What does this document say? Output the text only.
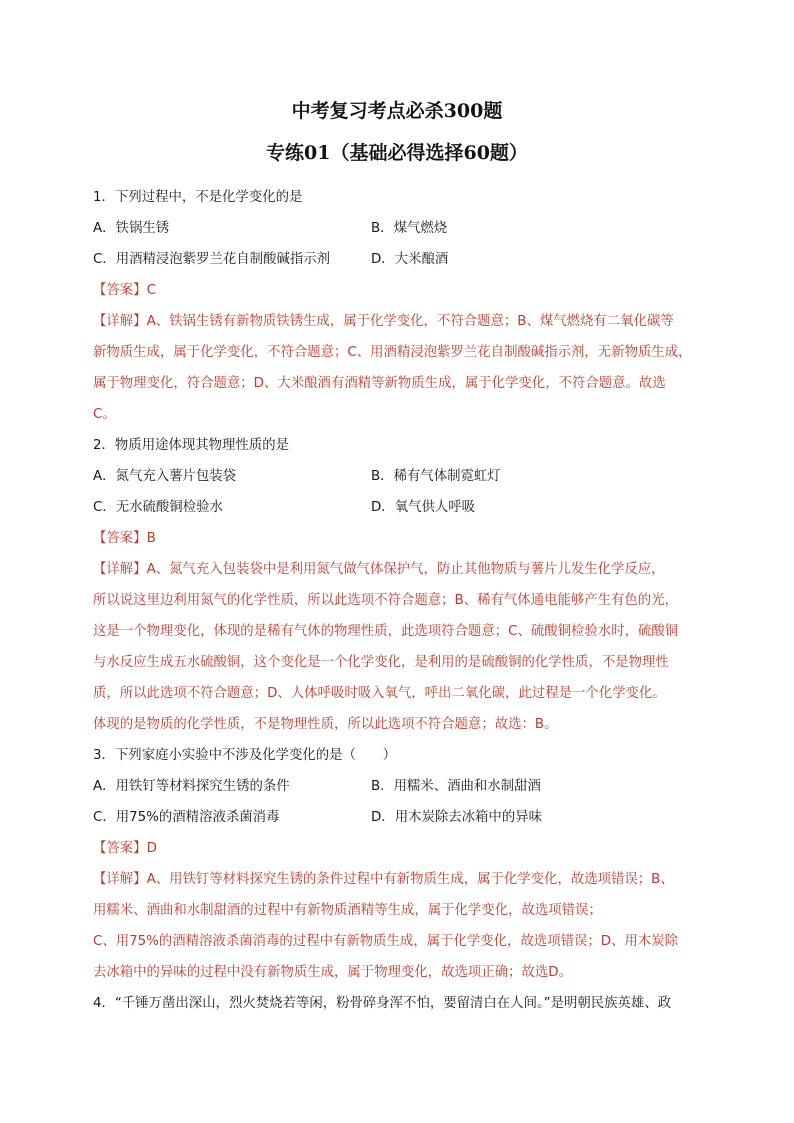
中考复习考点必杀300题
专练01（基础必得选择60题）
1．下列过程中，不是化学变化的是
A．铁锅生锈	B．煤气燃烧
C．用酒精浸泡紫罗兰花自制酸碱指示剂	D．大米酿酒
【答案】C
【详解】A、铁锅生锈有新物质铁锈生成，属于化学变化，不符合题意；B、煤气燃烧有二氧化碳等
新物质生成，属于化学变化，不符合题意；C、用酒精浸泡紫罗兰花自制酸碱指示剂，无新物质生成，
属于物理变化，符合题意；D、大米酿酒有酒精等新物质生成，属于化学变化，不符合题意。故选
C。
2．物质用途体现其物理性质的是
A．氮气充入薯片包装袋	B．稀有气体制霓虹灯
C．无水硫酸铜检验水	D．氧气供人呼吸
【答案】B
【详解】A、氮气充入包装袋中是利用氮气做气体保护气，防止其他物质与薯片儿发生化学反应，
所以说这里边利用氮气的化学性质，所以此选项不符合题意；B、稀有气体通电能够产生有色的光，
这是一个物理变化，体现的是稀有气体的物理性质，此选项符合题意；C、硫酸铜检验水时，硫酸铜
与水反应生成五水硫酸铜，这个变化是一个化学变化，是利用的是硫酸铜的化学性质，不是物理性
质，所以此选项不符合题意；D、人体呼吸时吸入氧气，呼出二氧化碳，此过程是一个化学变化。
体现的是物质的化学性质，不是物理性质，所以此选项不符合题意；故选：B。
3．下列家庭小实验中不涉及化学变化的是（　　）
A．用铁钉等材料探究生锈的条件	B．用糯米、酒曲和水制甜酒
C．用75%的酒精溶液杀菌消毒	D．用木炭除去冰箱中的异味
【答案】D
【详解】A、用铁钉等材料探究生锈的条件过程中有新物质生成，属于化学变化，故选项错误；B、
用糯米、酒曲和水制甜酒的过程中有新物质酒精等生成，属于化学变化，故选项错误；
C、用75%的酒精溶液杀菌消毒的过程中有新物质生成，属于化学变化，故选项错误；D、用木炭除
去冰箱中的异味的过程中没有新物质生成，属于物理变化，故选项正确；故选D。
4．“千锤万凿出深山，烈火焚烧若等闲，粉骨碎身浑不怕，要留清白在人间。”是明朝民族英雄、政
